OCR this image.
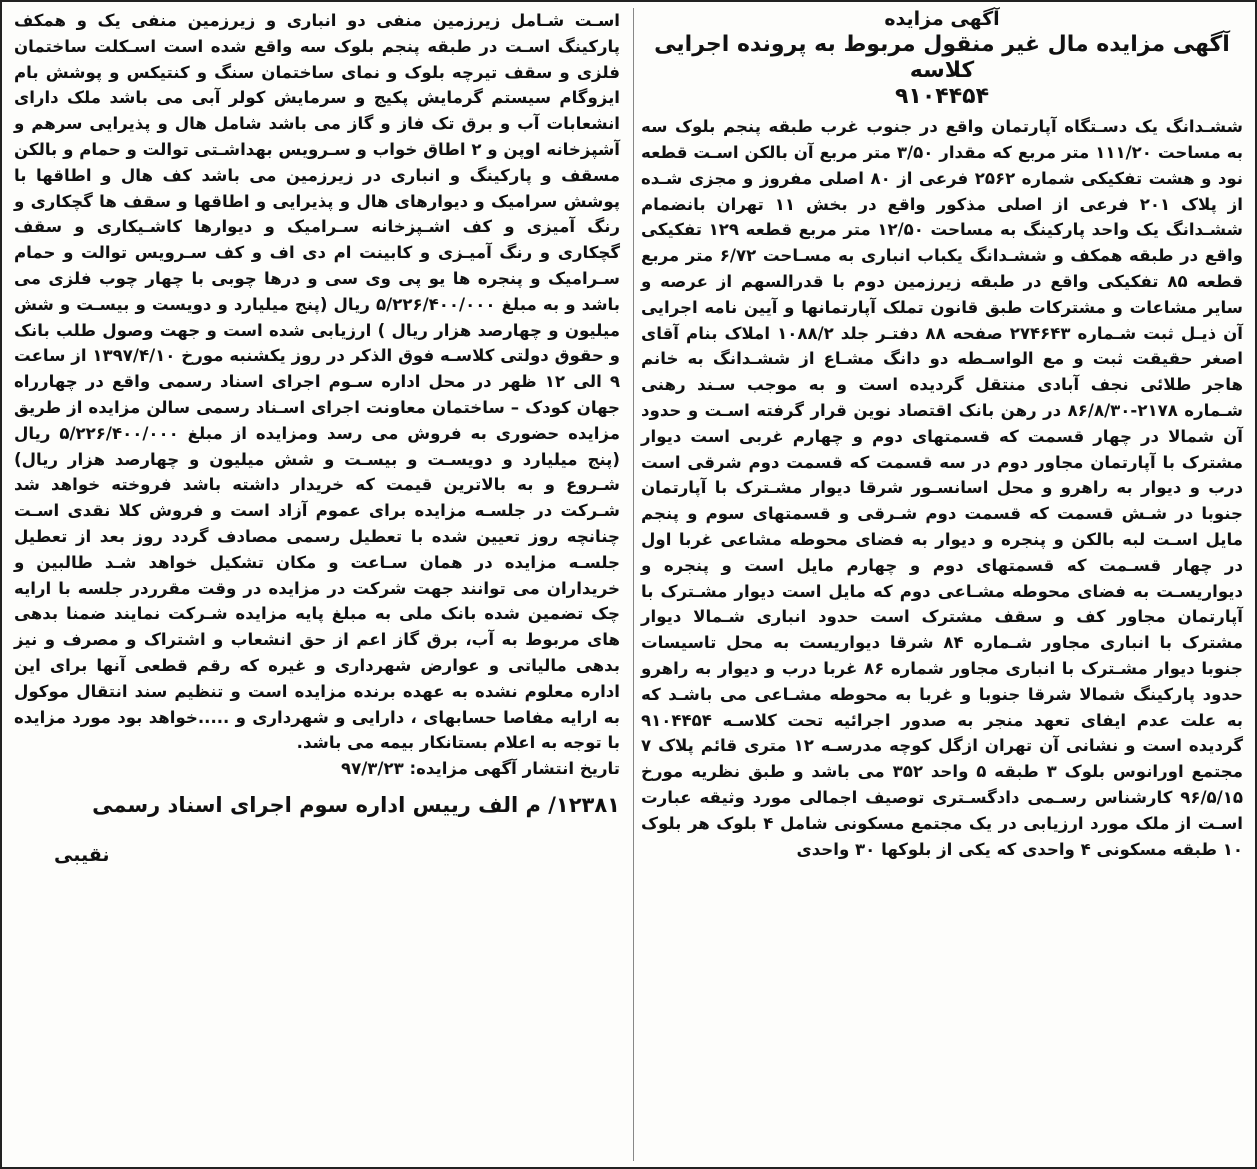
آگهی مزایده

آگهی مزایده مال غیر منقول مربوط به پرونده اجرایی کلاسه

۹۱۰۴۴۵۴

ششـدانگ یک دسـتگاه آپارتمان واقع در جنوب غرب طبقه پنجم بلوک سه به مساحت ۱۱۱/۲۰ متر مربع که مقدار ۳/۵۰ متر مربع آن بالکن اسـت قطعه نود و هشت تفکیکی شماره ۲۵۶۲ فرعی از ۸۰ اصلی مفروز و مجزی شـده از پلاک ۲۰۱ فرعی از اصلی مذکور واقع در بخش ۱۱ تهران بانضمام ششـدانگ یک واحد پارکینگ به مساحت ۱۲/۵۰ متر مربع قطعه ۱۲۹ تفکیکی واقع در طبقه همکف و ششـدانگ یکباب انباری به مسـاحت ۶/۷۲ متر مربع قطعه ۸۵ تفکیکی واقع در طبقه زیرزمین دوم با قدرالسهم از عرصه و سایر مشاعات و مشترکات طبق قانون تملک آپارتمانها و آیین نامه اجرایی آن ذیـل ثبت شـماره ۲۷۴۶۴۳ صفحه ۸۸ دفتـر جلد ۱۰۸۸/۲ املاک بنام آقای اصغر حقیقت ثبت و مع الواسـطه دو دانگ مشـاع از ششـدانگ به خانم هاجر طلائی نجف آبادی منتقل گردیده است و به موجب سـند رهنی شـماره ۲۱۷۸-۸۶/۸/۳۰ در رهن بانک اقتصاد نوین قرار گرفته اسـت و حدود آن شمالا در چهار قسمت که قسمتهای دوم و چهارم غربی است دیوار مشترک با آپارتمان مجاور دوم در سه قسمت که قسمت دوم شرقی است درب و دیوار به راهرو و محل اسانسـور شرقا دیوار مشـترک با آپارتمان جنوبا در شـش قسمت که قسمت دوم شـرقی و قسمتهای سوم و پنجم مایل اسـت لبه بالکن و پنجره و دیوار به فضای محوطه مشاعی غربا اول در چهار قسـمت که قسمتهای دوم و چهارم مایل است و پنجره و دیواریسـت به فضای محوطه مشـاعی دوم که مایل است دیوار مشـترک با آپارتمان مجاور کف و سقف مشترک است حدود انباری شـمالا دیوار مشترک با انباری مجاور شـماره ۸۴ شرقا دیواریست به محل تاسیسات جنوبا دیوار مشـترک با انباری مجاور شماره ۸۶ غربا درب و دیوار به راهرو حدود پارکینگ شمالا شرقا جنوبا و غربا به محوطه مشـاعی می باشـد که به علت عدم ایفای تعهد منجر به صدور اجرائیه تحت کلاسـه ۹۱۰۴۴۵۴ گردیده است و نشانی آن تهران ازگل کوچه مدرسـه ۱۲ متری قائم پلاک ۷ مجتمع اورانوس بلوک ۳ طبقه ۵ واحد ۳۵۲ می باشد و طبق نظریه مورخ ۹۶/۵/۱۵ کارشناس رسـمی دادگسـتری توصیف اجمالی مورد وثیقه عبارت اسـت از ملک مورد ارزیابی در یک مجتمع مسکونی شامل ۴ بلوک هر بلوک ۱۰ طبقه مسکونی ۴ واحدی که یکی از بلوکها ۳۰ واحدی

اسـت شـامل زیرزمین منفی دو انباری و زیرزمین منفی یک و همکف پارکینگ اسـت در طبقه پنجم بلوک سه واقع شده است اسـکلت ساختمان فلزی و سقف تیرچه بلوک و نمای ساختمان سنگ و کنتیکس و پوشش بام ایزوگام سیستم گرمایش پکیج و سرمایش کولر آبی می باشد ملک دارای انشعابات آب و برق تک فاز و گاز می باشد شامل هال و پذیرایی سرهم و آشپزخانه اوپن و ۲ اطاق خواب و سـرویس بهداشـتی توالت و حمام و بالکن مسقف و پارکینگ و انباری در زیرزمین می باشد کف هال و اطاقها با پوشش سرامیک و دیوارهای هال و پذیرایی و اطاقها و سقف ها گچکاری و رنگ آمیزی و کف اشـپزخانه سـرامیک و دیوارها کاشـیکاری و سقف گچکاری و رنگ آمیـزی و کابینت ام دی اف و کف سـرویس توالت و حمام سـرامیک و پنجره ها یو پی وی سی و درها چوبی با چهار چوب فلزی می باشد و به مبلغ ۵/۲۲۶/۴۰۰/۰۰۰ ریال (پنج میلیارد و دویست و بیسـت و شش میلیون و چهارصد هزار ریال ) ارزیابی شده است و جهت وصول طلب بانک و حقوق دولتی کلاسـه فوق الذکر در روز یکشنبه مورخ ۱۳۹۷/۴/۱۰ از ساعت ۹ الی ۱۲ ظهر در محل اداره سـوم اجرای اسناد رسمی واقع در چهارراه جهان کودک – ساختمان معاونت اجرای اسـناد رسمی سالن مزایده از طریق مزایده حضوری به فروش می رسد ومزایده از مبلغ ۵/۲۲۶/۴۰۰/۰۰۰ ریال (پنج میلیارد و دویسـت و بیسـت و شش میلیون و چهارصد هزار ریال) شـروع و به بالاترین قیمت که خریدار داشته باشد فروخته خواهد شد شـرکت در جلسـه مزایده برای عموم آزاد است و فروش کلا نقدی اسـت چنانچه روز تعیین شده با تعطیل رسمی مصادف گردد روز بعد از تعطیل جلسـه مزایده در همان سـاعت و مکان تشکیل خواهد شـد طالبین و خریداران می توانند جهت شرکت در مزایده در وقت مقرردر جلسه با ارایه چک تضمین شده بانک ملی به مبلغ پایه مزایده شـرکت نمایند ضمنا بدهی های مربوط به آب، برق گاز اعم از حق انشعاب و اشتراک و مصرف و نیز بدهی مالیاتی و عوارض شهرداری و غیره که رقم قطعی آنها برای این اداره معلوم نشده به عهده برنده مزایده است و تنظیم سند انتقال موکول به ارایه مفاصا حسابهای ، دارایی و شهرداری و .....خواهد بود مورد مزایده با توجه به اعلام بستانکار بیمه می باشد.

تاریخ انتشار آگهی مزایده: ۹۷/۳/۲۳

۱۲۳۸۱/ م الف رییس اداره سوم اجرای اسناد رسمی

نقیبی
